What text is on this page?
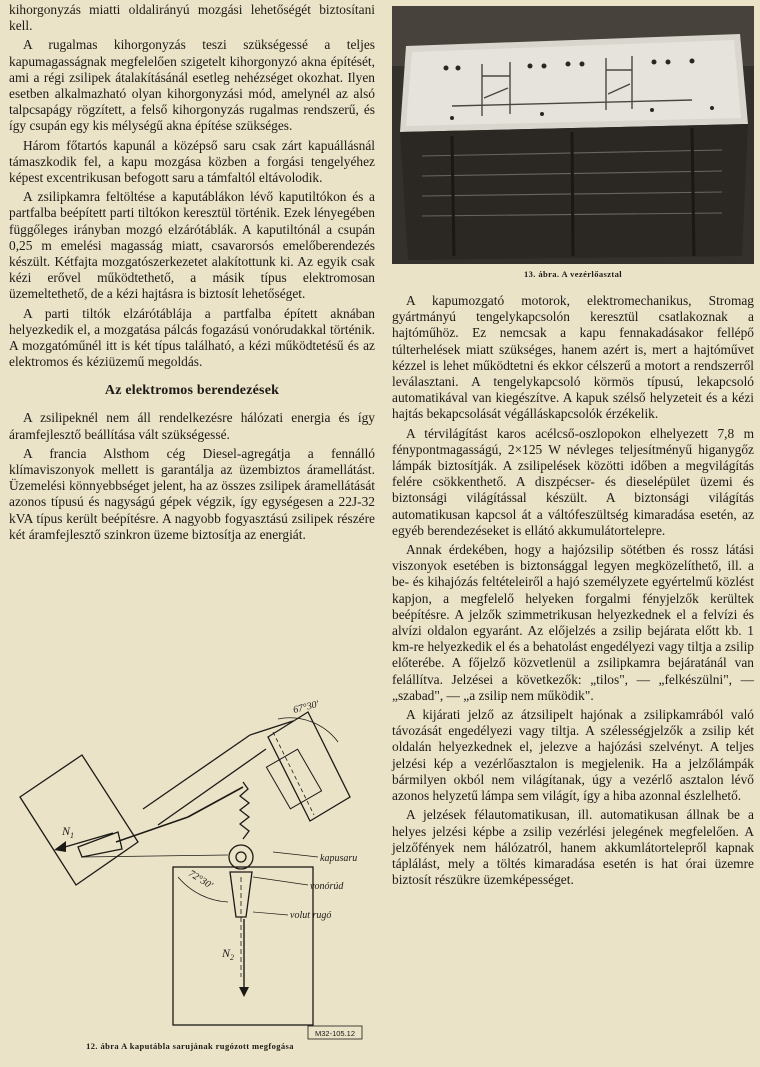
kihorgonyzás miatti oldalirányú mozgási lehetőségét biztosítani kell.

A rugalmas kihorgonyzás teszi szükségessé a teljes kapumagasságnak megfelelően szigetelt kihorgonyzó akna építését, ami a régi zsilipek átalakításánál esetleg nehézséget okozhat. Ilyen esetben alkalmazható olyan kihorgonyzási mód, amelynél az alsó talpcsapágy rögzített, a felső kihorgonyzás rugalmas rendszerű, és így csupán egy kis mélységű akna építése szükséges.

Három főtartós kapunál a középső saru csak zárt kapuállásnál támaszkodik fel, a kapu mozgása közben a forgási tengelyéhez képest excentrikusan befogott saru a támfaltól eltávolodik.

A zsilipkamra feltöltése a kaputáblákon lévő kaputiltókon és a partfalba beépített parti tiltókon keresztül történik. Ezek lényegében függőleges irányban mozgó elzárótáblák. A kaputiltónál a csupán 0,25 m emelési magasság miatt, csavarorsós emelőberendezés készült. Kétfajta mozgatószerkezetet alakítottunk ki. Az egyik csak kézi erővel működtethető, a másik típus elektromosan üzemeltethető, de a kézi hajtásra is biztosít lehetőséget.

A parti tiltók elzárótáblája a partfalba épített aknában helyezkedik el, a mozgatása pálcás fogazású vonórudakkal történik. A mozgatóműnél itt is két típus található, a kézi működtetésű és az elektromos és kéziüzemű megoldás.

Az elektromos berendezések

A zsilipeknél nem áll rendelkezésre hálózati energia és így áramfejlesztő beállítása vált szükségessé.

A francia Alsthom cég Diesel-agregátja a fennálló klímaviszonyok mellett is garantálja az üzembiztos áramellátást. Üzemelési könnyebbséget jelent, ha az összes zsilipek áramellátását azonos típusú és nagyságú gépek végzik, így egységesen a 22J-32 kVA típus került beépítésre. A nagyobb fogyasztású zsilipek részére két áramfejlesztő szinkron üzeme biztosítja az energiát.

67°30'
72°30'
kapusaru
vonórúd
volut rugó
$N_1$
$N_2$
M32-105.12
12. ábra A kaputábla sarujának rugózott megfogása
13. ábra. A vezérlőasztal

A kapumozgató motorok, elektromechanikus, Stromag gyártmányú tengelykapcsolón keresztül csatlakoznak a hajtóműhöz. Ez nemcsak a kapu fennakadásakor fellépő túlterhelések miatt szükséges, hanem azért is, mert a hajtóművet kézzel is lehet működtetni és ekkor célszerű a motort a rendszerről leválasztani. A tengelykapcsoló körmös típusú, lekapcsoló automatikával van kiegészítve. A kapuk szélső helyzeteit és a kézi hajtás bekapcsolását végálláskapcsolók érzékelik.

A térvilágítást karos acélcső-oszlopokon elhelyezett 7,8 m fénypontmagasságú, 2×125 W névleges teljesítményű higanygőz lámpák biztosítják. A zsilipelések közötti időben a megvilágítás felére csökkenthető. A diszpécser- és dieselépület üzemi és biztonsági világítással készült. A biztonsági világítás automatikusan kapcsol át a váltófeszültség kimaradása esetén, az egyéb berendezéseket is ellátó akkumulátortelepre.

Annak érdekében, hogy a hajózsilip sötétben és rossz látási viszonyok esetében is biztonsággal legyen megközelíthető, ill. a be- és kihajózás feltételeiről a hajó személyzete egyértelmű közlést kapjon, a megfelelő helyeken forgalmi fényjelzők kerültek beépítésre. A jelzők szimmetrikusan helyezkednek el a felvízi és alvízi oldalon egyaránt. Az előjelzés a zsilip bejárata előtt kb. 1 km-re helyezkedik el és a behatolást engedélyezi vagy tiltja a zsilip előterébe. A főjelző közvetlenül a zsilipkamra bejáratánál van felállítva. Jelzései a következők: „tilos", — „felkészülni", — „szabad", — „a zsilip nem működik".

A kijárati jelző az átzsilipelt hajónak a zsilipkamrából való távozását engedélyezi vagy tiltja. A szélességjelzők a zsilip két oldalán helyezkednek el, jelezve a hajózási szelvényt. A teljes jelzési kép a vezérlőasztalon is megjelenik. Ha a jelzőlámpák bármilyen okból nem világítanak, úgy a vezérlő asztalon lévő azonos helyzetű lámpa sem világít, így a hiba azonnal észlelhető.

A jelzések félautomatikusan, ill. automatikusan állnak be a helyes jelzési képbe a zsilip vezérlési jelegének megfelelően. A jelzőfények nem hálózatról, hanem akkumlátortelepről kapnak táplálást, mely a töltés kimaradása esetén is hat órai üzemre biztosít részükre üzemképességet.
